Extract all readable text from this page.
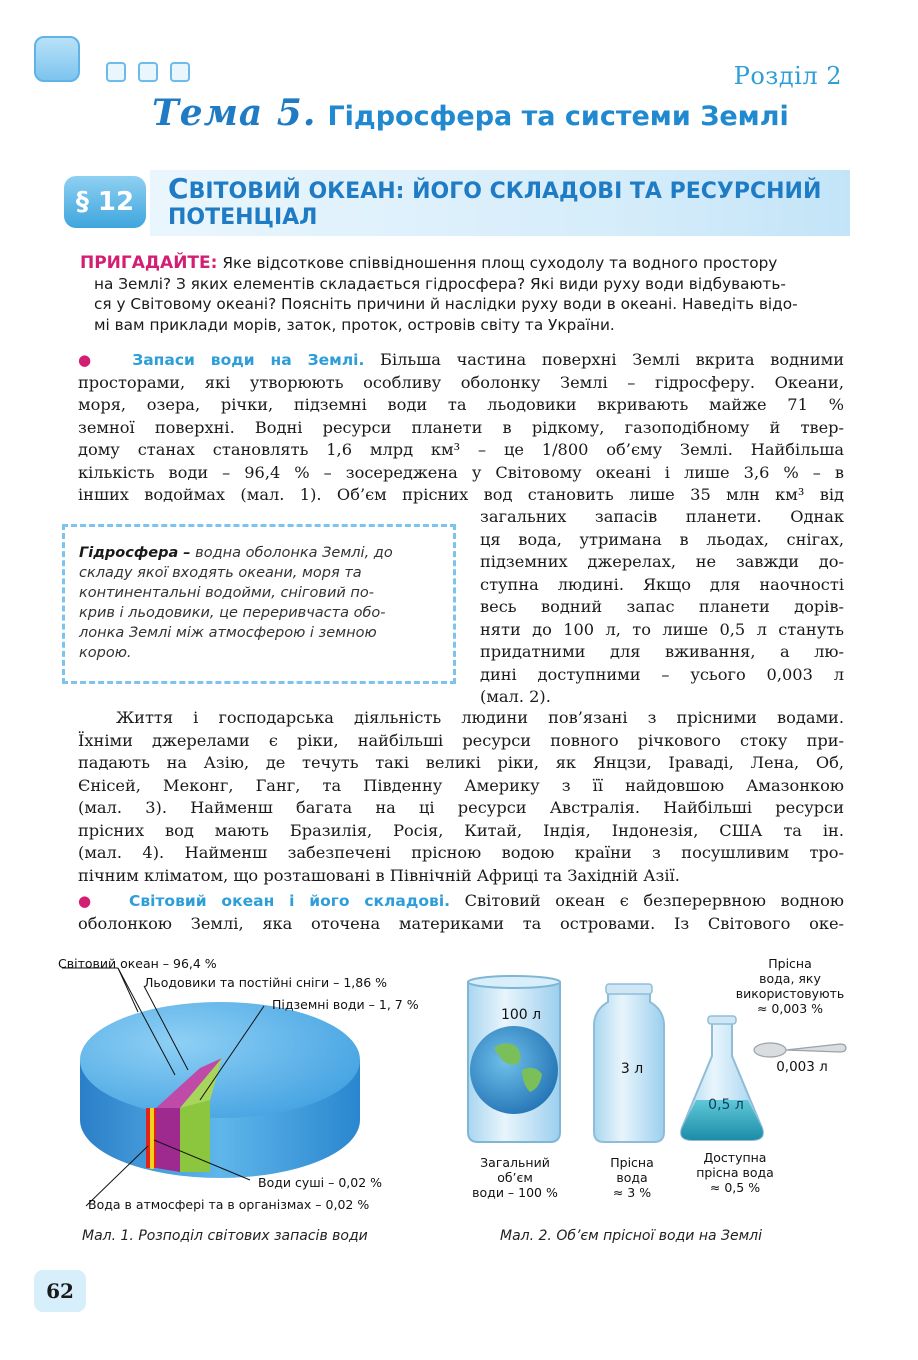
Розділ 2
Тема 5. Гідросфера та системи Землі
§ 12	СВІТОВИЙ ОКЕАН: ЙОГО СКЛАДОВІ ТА РЕСУРСНИЙ
ПОТЕНЦІАЛ
ПРИГАДАЙТЕ: Яке відсоткове співвідношення площ суходолу та водного простору
на Землі? З яких елементів складається гідросфера? Які види руху води відбувають-
ся у Світовому океані? Поясніть причини й наслідки руху води в океані. Наведіть відо-
мі вам приклади морів, заток, проток, островів світу та України.
●  Запаси води на Землі. Більша частина поверхні Землі вкрита водними
просторами, які утворюють особливу оболонку Землі – гідросферу. Океани,
моря, озера, річки, підземні води та льодовики вкривають майже 71 %
земної поверхні. Водні ресурси планети в рідкому, газоподібному й твер-
дому станах становлять 1,6 млрд км³ – це 1/800 об’єму Землі. Найбільша
кількість води – 96,4 % – зосереджена у Світовому океані і лише 3,6 % – в
інших водоймах (мал. 1). Об’єм прісних вод становить лише 35 млн км³ від
загальних запасів планети. Однак
ця вода, утримана в льодах, снігах,
підземних джерелах, не завжди до-
ступна людині. Якщо для наочності
весь водний запас планети дорів-
няти до 100 л, то лише 0,5 л стануть
придатними для вживання, а лю-
дині доступними – усього 0,003 л
(мал. 2).
Гідросфера – водна оболонка Землі, до
складу якої входять океани, моря та
континентальні водойми, сніговий по-
крив і льодовики, це переривчаста обо-
лонка Землі між атмосферою і земною
корою.
Життя і господарська діяльність людини пов’язані з прісними водами.
Їхніми джерелами є ріки, найбільші ресурси повного річкового стоку при-
падають на Азію, де течуть такі великі ріки, як Янцзи, Іраваді, Лена, Об,
Єнісей, Меконг, Ганг, та Південну Америку з її найдовшою Амазонкою
(мал. 3). Найменш багата на ці ресурси Австралія. Найбільші ресурси
прісних вод мають Бразилія, Росія, Китай, Індія, Індонезія, США та ін.
(мал. 4). Найменш забезпечені прісною водою країни з посушливим тро-
пічним кліматом, що розташовані в Північній Африці та Західній Азії.
●  Світовий океан і його складові. Світовий океан є безперервною водною
оболонкою Землі, яка оточена материками та островами. Із Світового оке-
Світовий океан – 96,4 %
Льодовики та постійні сніги – 1,86 %
Підземні води – 1, 7 %
Води суші – 0,02 %
Вода в атмосфері та в організмах – 0,02 %
Мал. 1. Розподіл світових запасів води
100 л
3 л
0,5 л
0,003 л
Прісна
вода, яку
використовують
≈ 0,003 %
Загальний
об’єм
води – 100 %
Прісна
вода
≈ 3 %
Доступна
прісна вода
≈ 0,5 %
Мал. 2. Об’єм прісної води на Землі
62
